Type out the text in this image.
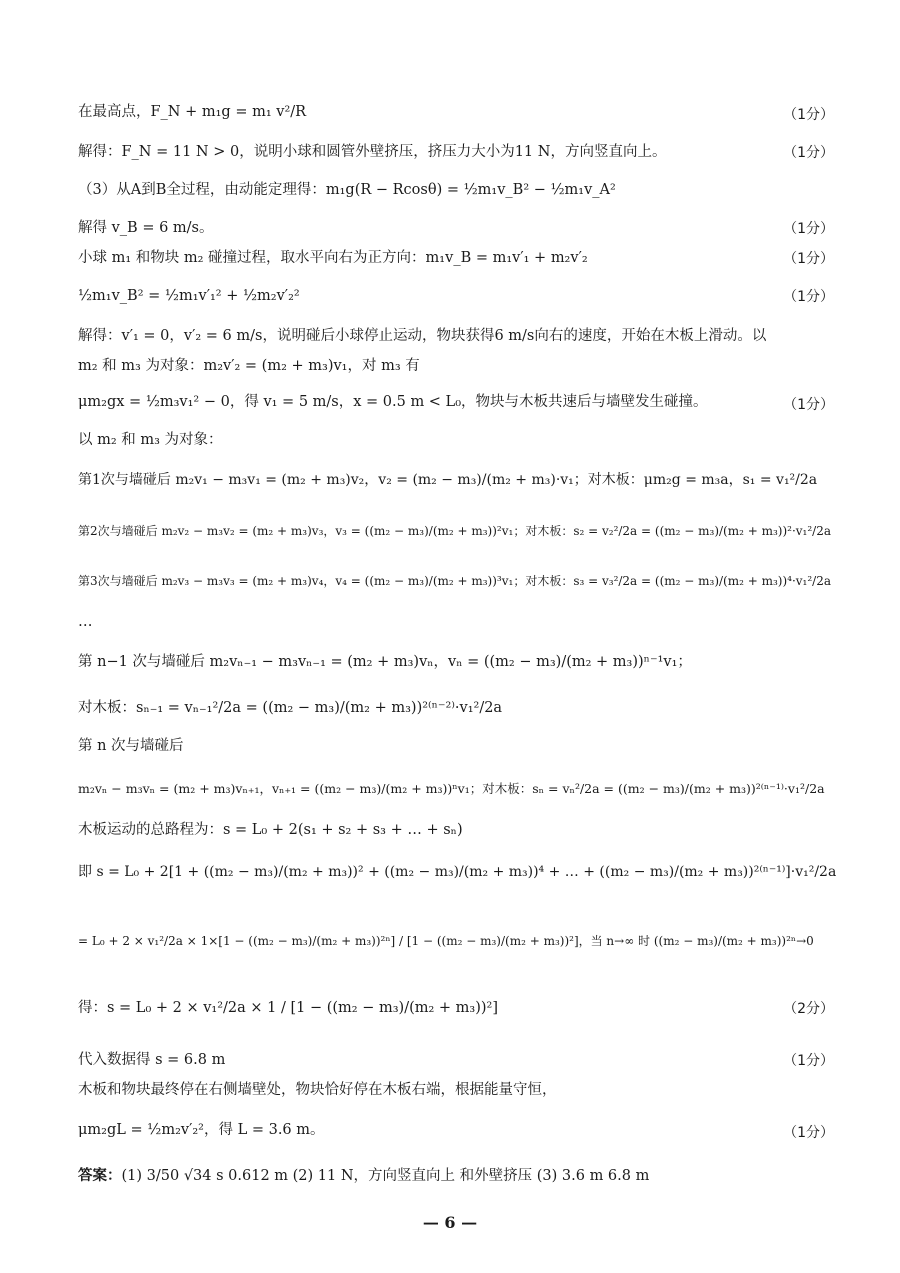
在最高点，F_N + m₁g = m₁ v²/R	（1分）
解得：F_N = 11 N > 0，说明小球和圆管外壁挤压，挤压力大小为11 N，方向竖直向上。	（1分）
（3）从A到B全过程，由动能定理得：m₁g(R − Rcosθ) = ½m₁v_B² − ½m₁v_A²
解得 v_B = 6 m/s。	（1分）
小球 m₁ 和物块 m₂ 碰撞过程，取水平向右为正方向：m₁v_B = m₁v′₁ + m₂v′₂	（1分）
½m₁v_B² = ½m₁v′₁² + ½m₂v′₂²	（1分）
解得：v′₁ = 0，v′₂ = 6 m/s，说明碰后小球停止运动，物块获得6 m/s向右的速度，开始在木板上滑动。以
m₂ 和 m₃ 为对象：m₂v′₂ = (m₂ + m₃)v₁，对 m₃ 有
μm₂gx = ½m₃v₁² − 0，得 v₁ = 5 m/s，x = 0.5 m < L₀，物块与木板共速后与墙壁发生碰撞。	（1分）
以 m₂ 和 m₃ 为对象：
第1次与墙碰后 m₂v₁ − m₃v₁ = (m₂ + m₃)v₂，v₂ = (m₂ − m₃)/(m₂ + m₃)·v₁；对木板：μm₂g = m₃a，s₁ = v₁²/2a
第2次与墙碰后 m₂v₂ − m₃v₂ = (m₂ + m₃)v₃，v₃ = ((m₂ − m₃)/(m₂ + m₃))²v₁；对木板：s₂ = v₂²/2a = ((m₂ − m₃)/(m₂ + m₃))²·v₁²/2a
第3次与墙碰后 m₂v₃ − m₃v₃ = (m₂ + m₃)v₄，v₄ = ((m₂ − m₃)/(m₂ + m₃))³v₁；对木板：s₃ = v₃²/2a = ((m₂ − m₃)/(m₂ + m₃))⁴·v₁²/2a
…
第 n−1 次与墙碰后 m₂vₙ₋₁ − m₃vₙ₋₁ = (m₂ + m₃)vₙ，vₙ = ((m₂ − m₃)/(m₂ + m₃))ⁿ⁻¹v₁；
对木板：sₙ₋₁ = vₙ₋₁²/2a = ((m₂ − m₃)/(m₂ + m₃))²⁽ⁿ⁻²⁾·v₁²/2a
第 n 次与墙碰后
m₂vₙ − m₃vₙ = (m₂ + m₃)vₙ₊₁，vₙ₊₁ = ((m₂ − m₃)/(m₂ + m₃))ⁿv₁；对木板：sₙ = vₙ²/2a = ((m₂ − m₃)/(m₂ + m₃))²⁽ⁿ⁻¹⁾·v₁²/2a
木板运动的总路程为：s = L₀ + 2(s₁ + s₂ + s₃ + … + sₙ)
即 s = L₀ + 2[1 + ((m₂ − m₃)/(m₂ + m₃))² + ((m₂ − m₃)/(m₂ + m₃))⁴ + … + ((m₂ − m₃)/(m₂ + m₃))²⁽ⁿ⁻¹⁾]·v₁²/2a
= L₀ + 2 × v₁²/2a × 1×[1 − ((m₂ − m₃)/(m₂ + m₃))²ⁿ] / [1 − ((m₂ − m₃)/(m₂ + m₃))²]，当 n→∞ 时 ((m₂ − m₃)/(m₂ + m₃))²ⁿ→0
得：s = L₀ + 2 × v₁²/2a × 1 / [1 − ((m₂ − m₃)/(m₂ + m₃))²]	（2分）
代入数据得 s = 6.8 m	（1分）
木板和物块最终停在右侧墙壁处，物块恰好停在木板右端，根据能量守恒，
μm₂gL = ½m₂v′₂²，得 L = 3.6 m。	（1分）
答案：(1) 3/50 √34 s 0.612 m (2) 11 N，方向竖直向上 和外壁挤压 (3) 3.6 m 6.8 m
— 6 —
